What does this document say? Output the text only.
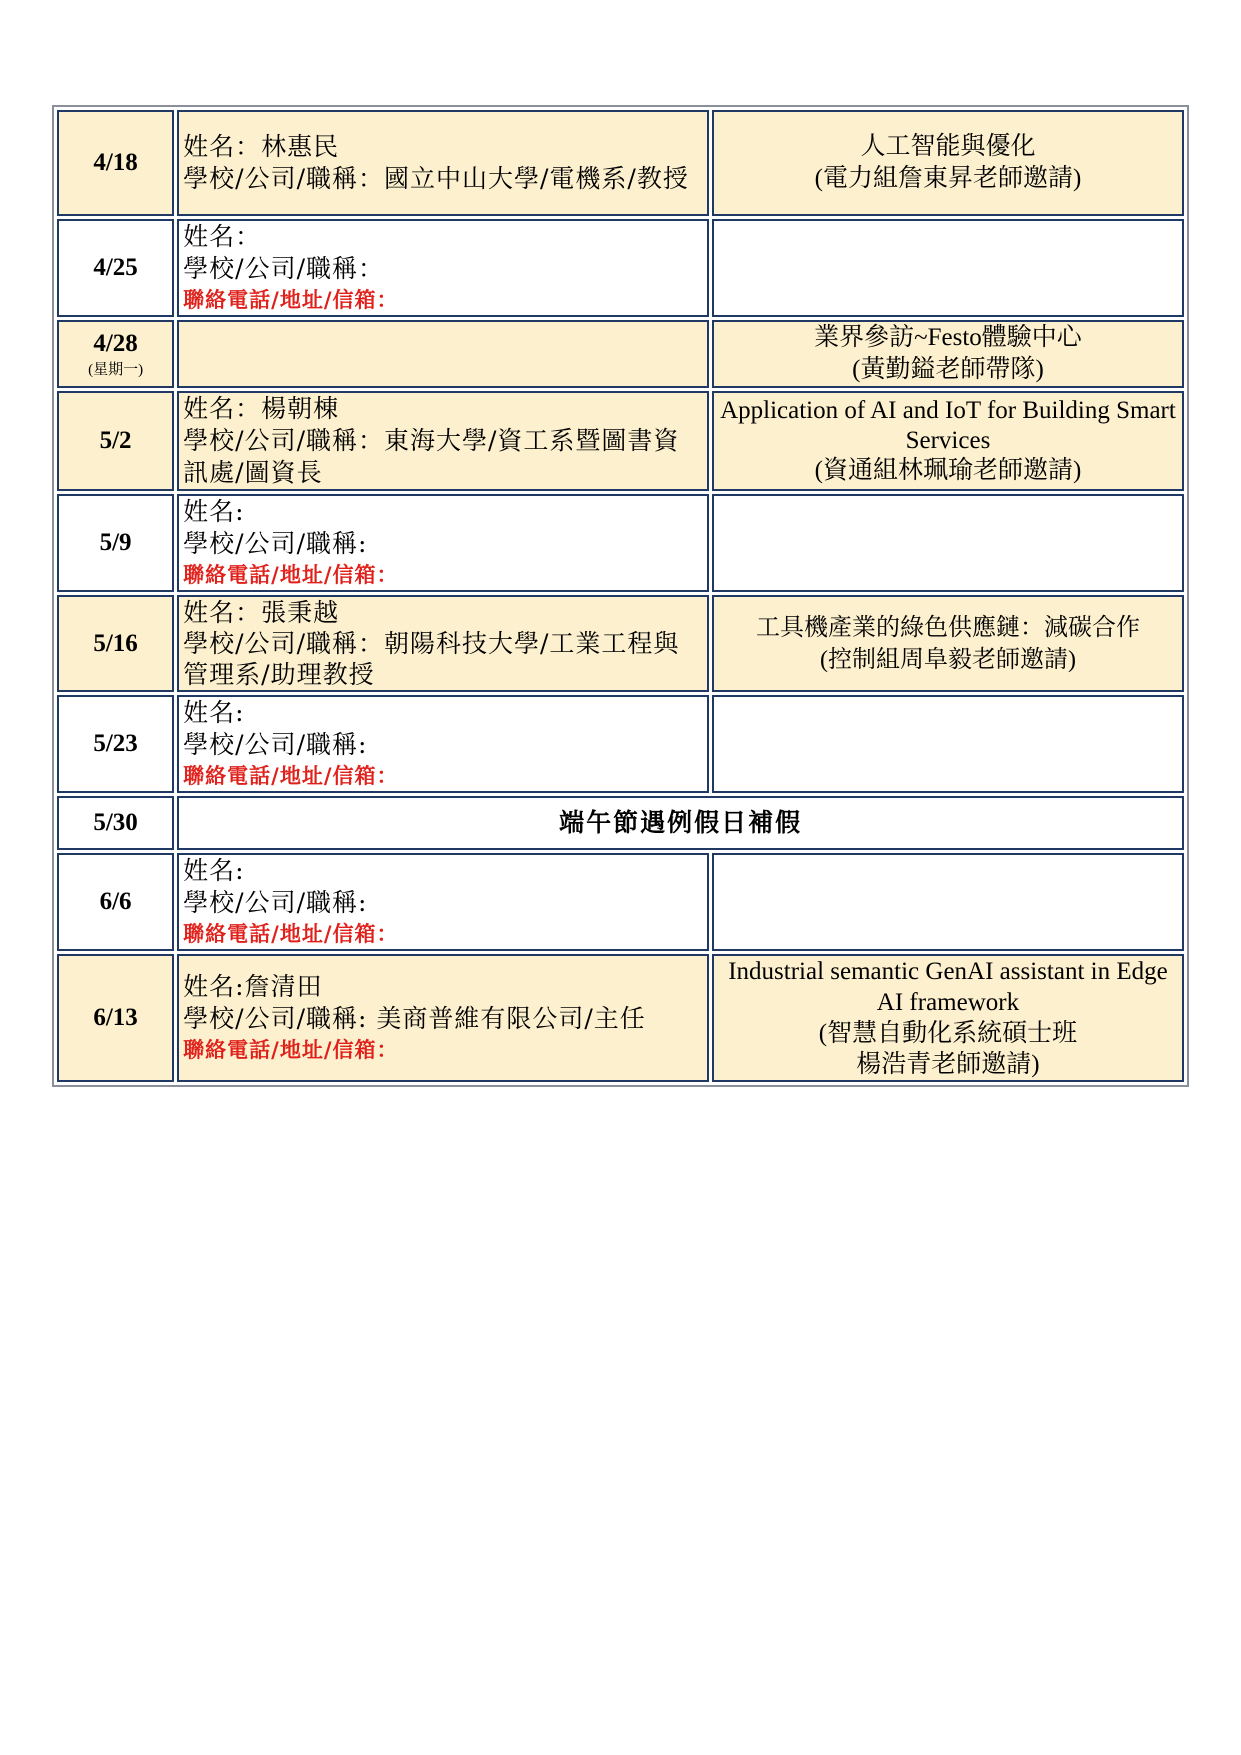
4/18	姓名：林惠民
學校/公司/職稱：國立中山大學/電機系/教授	人工智能與優化
(電力組詹東昇老師邀請)

4/25	姓名：
學校/公司/職稱：
聯絡電話/地址/信箱：	

4/28
(星期一)		業界參訪~Festo體驗中心
(黃勤鎰老師帶隊)

5/2	姓名：楊朝棟
學校/公司/職稱：東海大學/資工系暨圖書資訊處/圖資長	Application of AI and IoT for Building Smart Services
(資通組林珮瑜老師邀請)

5/9	姓名:
學校/公司/職稱:
聯絡電話/地址/信箱：	

5/16	姓名：張秉越
學校/公司/職稱：朝陽科技大學/工業工程與管理系/助理教授	工具機產業的綠色供應鏈：減碳合作
(控制組周阜毅老師邀請)

5/23	姓名:
學校/公司/職稱:
聯絡電話/地址/信箱：	

5/30	端午節遇例假日補假	
6/6	姓名:
學校/公司/職稱:
聯絡電話/地址/信箱：	

6/13	姓名:詹清田
學校/公司/職稱: 美商普維有限公司/主任
聯絡電話/地址/信箱：	Industrial semantic GenAI assistant in Edge AI framework
(智慧自動化系統碩士班
楊浩青老師邀請)
